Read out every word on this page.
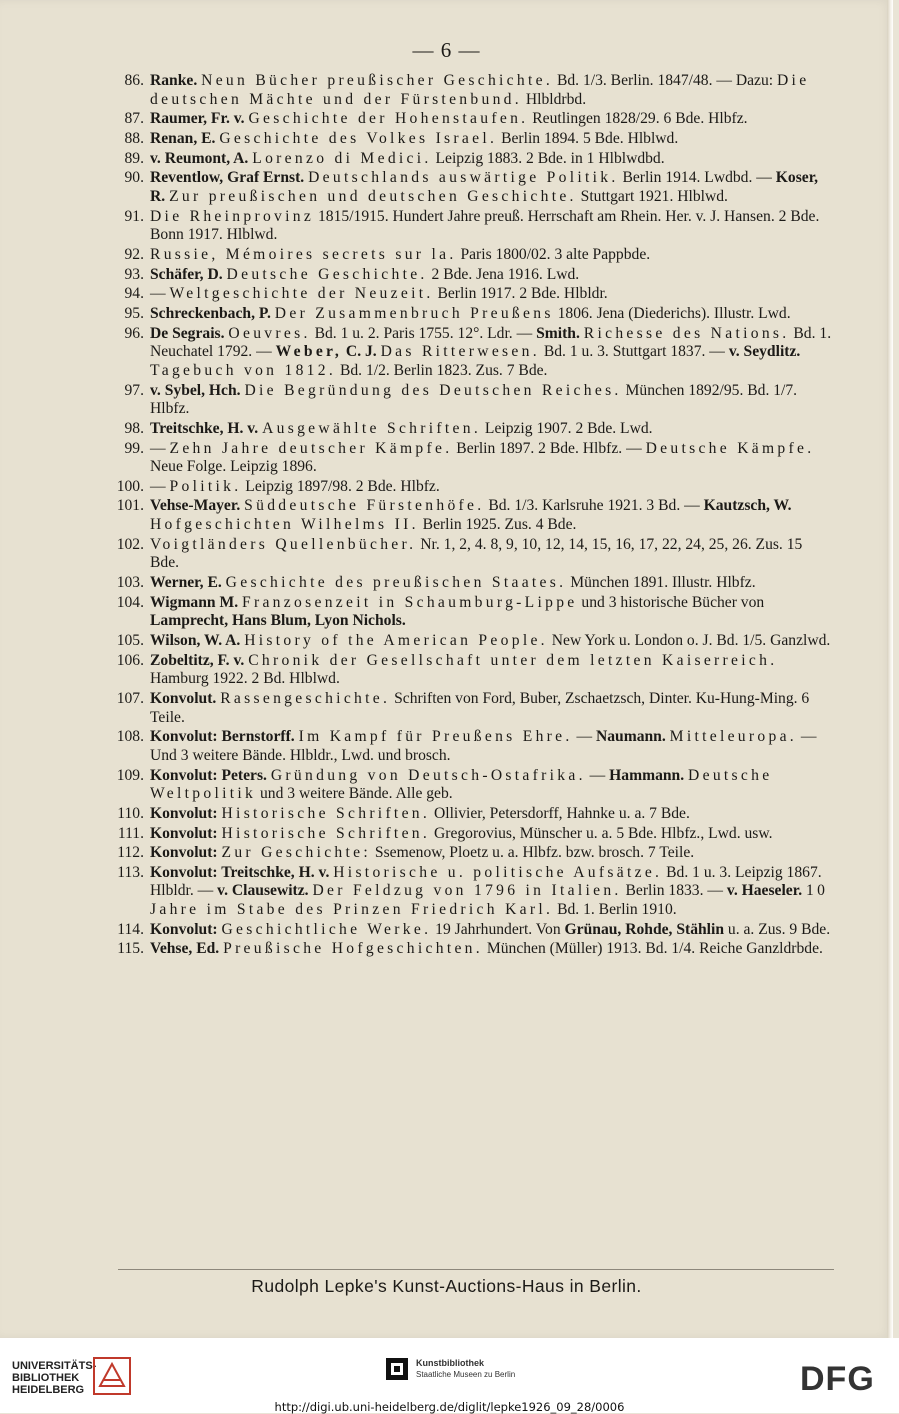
— 6 —
86. Ranke. Neun Bücher preußischer Geschichte. Bd. 1/3. Berlin. 1847/48. — Dazu: Die deutschen Mächte und der Fürstenbund. Hlbldrbd.
87. Raumer, Fr. v. Geschichte der Hohenstaufen. Reutlingen 1828/29. 6 Bde. Hlbfz.
88. Renan, E. Geschichte des Volkes Israel. Berlin 1894. 5 Bde. Hlblwd.
89. v. Reumont, A. Lorenzo di Medici. Leipzig 1883. 2 Bde. in 1 Hlblwdbd.
90. Reventlow, Graf Ernst. Deutschlands auswärtige Politik. Berlin 1914. Lwdbd. — Koser, R. Zur preußischen und deutschen Geschichte. Stuttgart 1921. Hlblwd.
91. Die Rheinprovinz 1815/1915. Hundert Jahre preuß. Herrschaft am Rhein. Her. v. J. Hansen. 2 Bde. Bonn 1917. Hlblwd.
92. Russie, Mémoires secrets sur la. Paris 1800/02. 3 alte Pappbde.
93. Schäfer, D. Deutsche Geschichte. 2 Bde. Jena 1916. Lwd.
94. — Weltgeschichte der Neuzeit. Berlin 1917. 2 Bde. Hlbldr.
95. Schreckenbach, P. Der Zusammenbruch Preußens 1806. Jena (Diederichs). Illustr. Lwd.
96. De Segrais. Oeuvres. Bd. 1 u. 2. Paris 1755. 12°. Ldr. — Smith. Richesse des Nations. Bd. 1. Neuchatel 1792. — Weber, C. J. Das Ritterwesen. Bd. 1 u. 3. Stuttgart 1837. — v. Seydlitz. Tagebuch von 1812. Bd. 1/2. Berlin 1823. Zus. 7 Bde.
97. v. Sybel, Hch. Die Begründung des Deutschen Reiches. München 1892/95. Bd. 1/7. Hlbfz.
98. Treitschke, H. v. Ausgewählte Schriften. Leipzig 1907. 2 Bde. Lwd.
99. — Zehn Jahre deutscher Kämpfe. Berlin 1897. 2 Bde. Hlbfz. — Deutsche Kämpfe. Neue Folge. Leipzig 1896.
100. — Politik. Leipzig 1897/98. 2 Bde. Hlbfz.
101. Vehse-Mayer. Süddeutsche Fürstenhöfe. Bd. 1/3. Karlsruhe 1921. 3 Bd. — Kautzsch, W. Hofgeschichten Wilhelms II. Berlin 1925. Zus. 4 Bde.
102. Voigtländers Quellenbücher. Nr. 1, 2, 4. 8, 9, 10, 12, 14, 15, 16, 17, 22, 24, 25, 26. Zus. 15 Bde.
103. Werner, E. Geschichte des preußischen Staates. München 1891. Illustr. Hlbfz.
104. Wigmann M. Franzosenzeit in Schaumburg-Lippe und 3 historische Bücher von Lamprecht, Hans Blum, Lyon Nichols.
105. Wilson, W. A. History of the American People. New York u. London o. J. Bd. 1/5. Ganzlwd.
106. Zobeltitz, F. v. Chronik der Gesellschaft unter dem letzten Kaiserreich. Hamburg 1922. 2 Bd. Hlblwd.
107. Konvolut. Rassengeschichte. Schriften von Ford, Buber, Zschaetzsch, Dinter. Ku-Hung-Ming. 6 Teile.
108. Konvolut: Bernstorff. Im Kampf für Preußens Ehre. — Naumann. Mitteleuropa. — Und 3 weitere Bände. Hlbldr., Lwd. und brosch.
109. Konvolut: Peters. Gründung von Deutsch-Ostafrika. — Hammann. Deutsche Weltpolitik und 3 weitere Bände. Alle geb.
110. Konvolut: Historische Schriften. Ollivier, Petersdorff, Hahnke u. a. 7 Bde.
111. Konvolut: Historische Schriften. Gregorovius, Münscher u. a. 5 Bde. Hlbfz., Lwd. usw.
112. Konvolut: Zur Geschichte: Ssemenow, Ploetz u. a. Hlbfz. bzw. brosch. 7 Teile.
113. Konvolut: Treitschke, H. v. Historische u. politische Aufsätze. Bd. 1 u. 3. Leipzig 1867. Hlbldr. — v. Clausewitz. Der Feldzug von 1796 in Italien. Berlin 1833. — v. Haeseler. 10 Jahre im Stabe des Prinzen Friedrich Karl. Bd. 1. Berlin 1910.
114. Konvolut: Geschichtliche Werke. 19 Jahrhundert. Von Grünau, Rohde, Stählin u. a. Zus. 9 Bde.
115. Vehse, Ed. Preußische Hofgeschichten. München (Müller) 1913. Bd. 1/4. Reiche Ganzldrbde.
Rudolph Lepke's Kunst-Auctions-Haus in Berlin.
UNIVERSITÄTS-
BIBLIOTHEK
HEIDELBERG
Kunstbibliothek
Staatliche Museen zu Berlin	DFG
http://digi.ub.uni-heidelberg.de/diglit/lepke1926_09_28/0006
